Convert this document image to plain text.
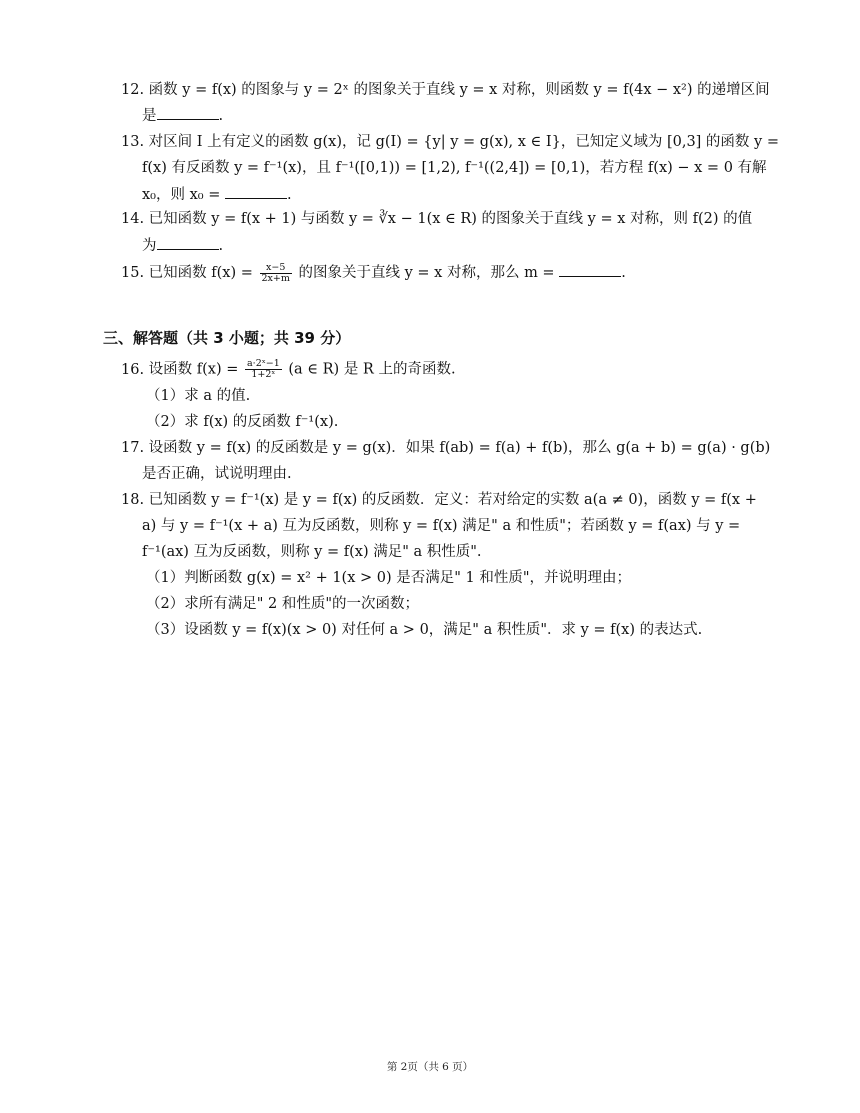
12. 函数 y = f(x) 的图象与 y = 2ˣ 的图象关于直线 y = x 对称，则函数 y = f(4x − x²) 的递增区间
是	.
13. 对区间 I 上有定义的函数 g(x)，记 g(I) = {y| y = g(x), x ∈ I}，已知定义域为 [0,3] 的函数 y =
f(x) 有反函数 y = f⁻¹(x)，且 f⁻¹([0,1)) = [1,2), f⁻¹((2,4]) = [0,1)，若方程 f(x) − x = 0 有解
x₀，则 x₀ =	.
14. 已知函数 y = f(x + 1) 与函数 y = ∛x − 1(x ∈ R) 的图象关于直线 y = x 对称，则 f(2) 的值
为	.
15. 已知函数 $f(x) = \frac{x-5}{2x+m}$ 的图象关于直线 y = x 对称，那么 m =	.
三、解答题（共 3 小题；共 39 分）
16. 设函数 $f(x) = \frac{\text{a·2ˣ−1}}{\text{1+2ˣ}} (a$ ∈ R) 是 R 上的奇函数.
（1）求 a 的值.
（2）求 f(x) 的反函数 f⁻¹(x).
17. 设函数 y = f(x) 的反函数是 y = g(x)．如果 f(ab) = f(a) + f(b)，那么 g(a + b) = g(a) · g(b)
是否正确，试说明理由.
18. 已知函数 y = f⁻¹(x) 是 y = f(x) 的反函数．定义：若对给定的实数 a(a ≠ 0)，函数 y = f(x +
a) 与 y = f⁻¹(x + a) 互为反函数，则称 y = f(x) 满足" a 和性质"；若函数 y = f(ax) 与 y =
f⁻¹(ax) 互为反函数，则称 y = f(x) 满足" a 积性质".
（1）判断函数 g(x) = x² + 1(x > 0) 是否满足" 1 和性质"，并说明理由；
（2）求所有满足" 2 和性质"的一次函数；
（3）设函数 y = f(x)(x > 0) 对任何 a > 0，满足" a 积性质"．求 y = f(x) 的表达式.
第 2页（共 6 页）
